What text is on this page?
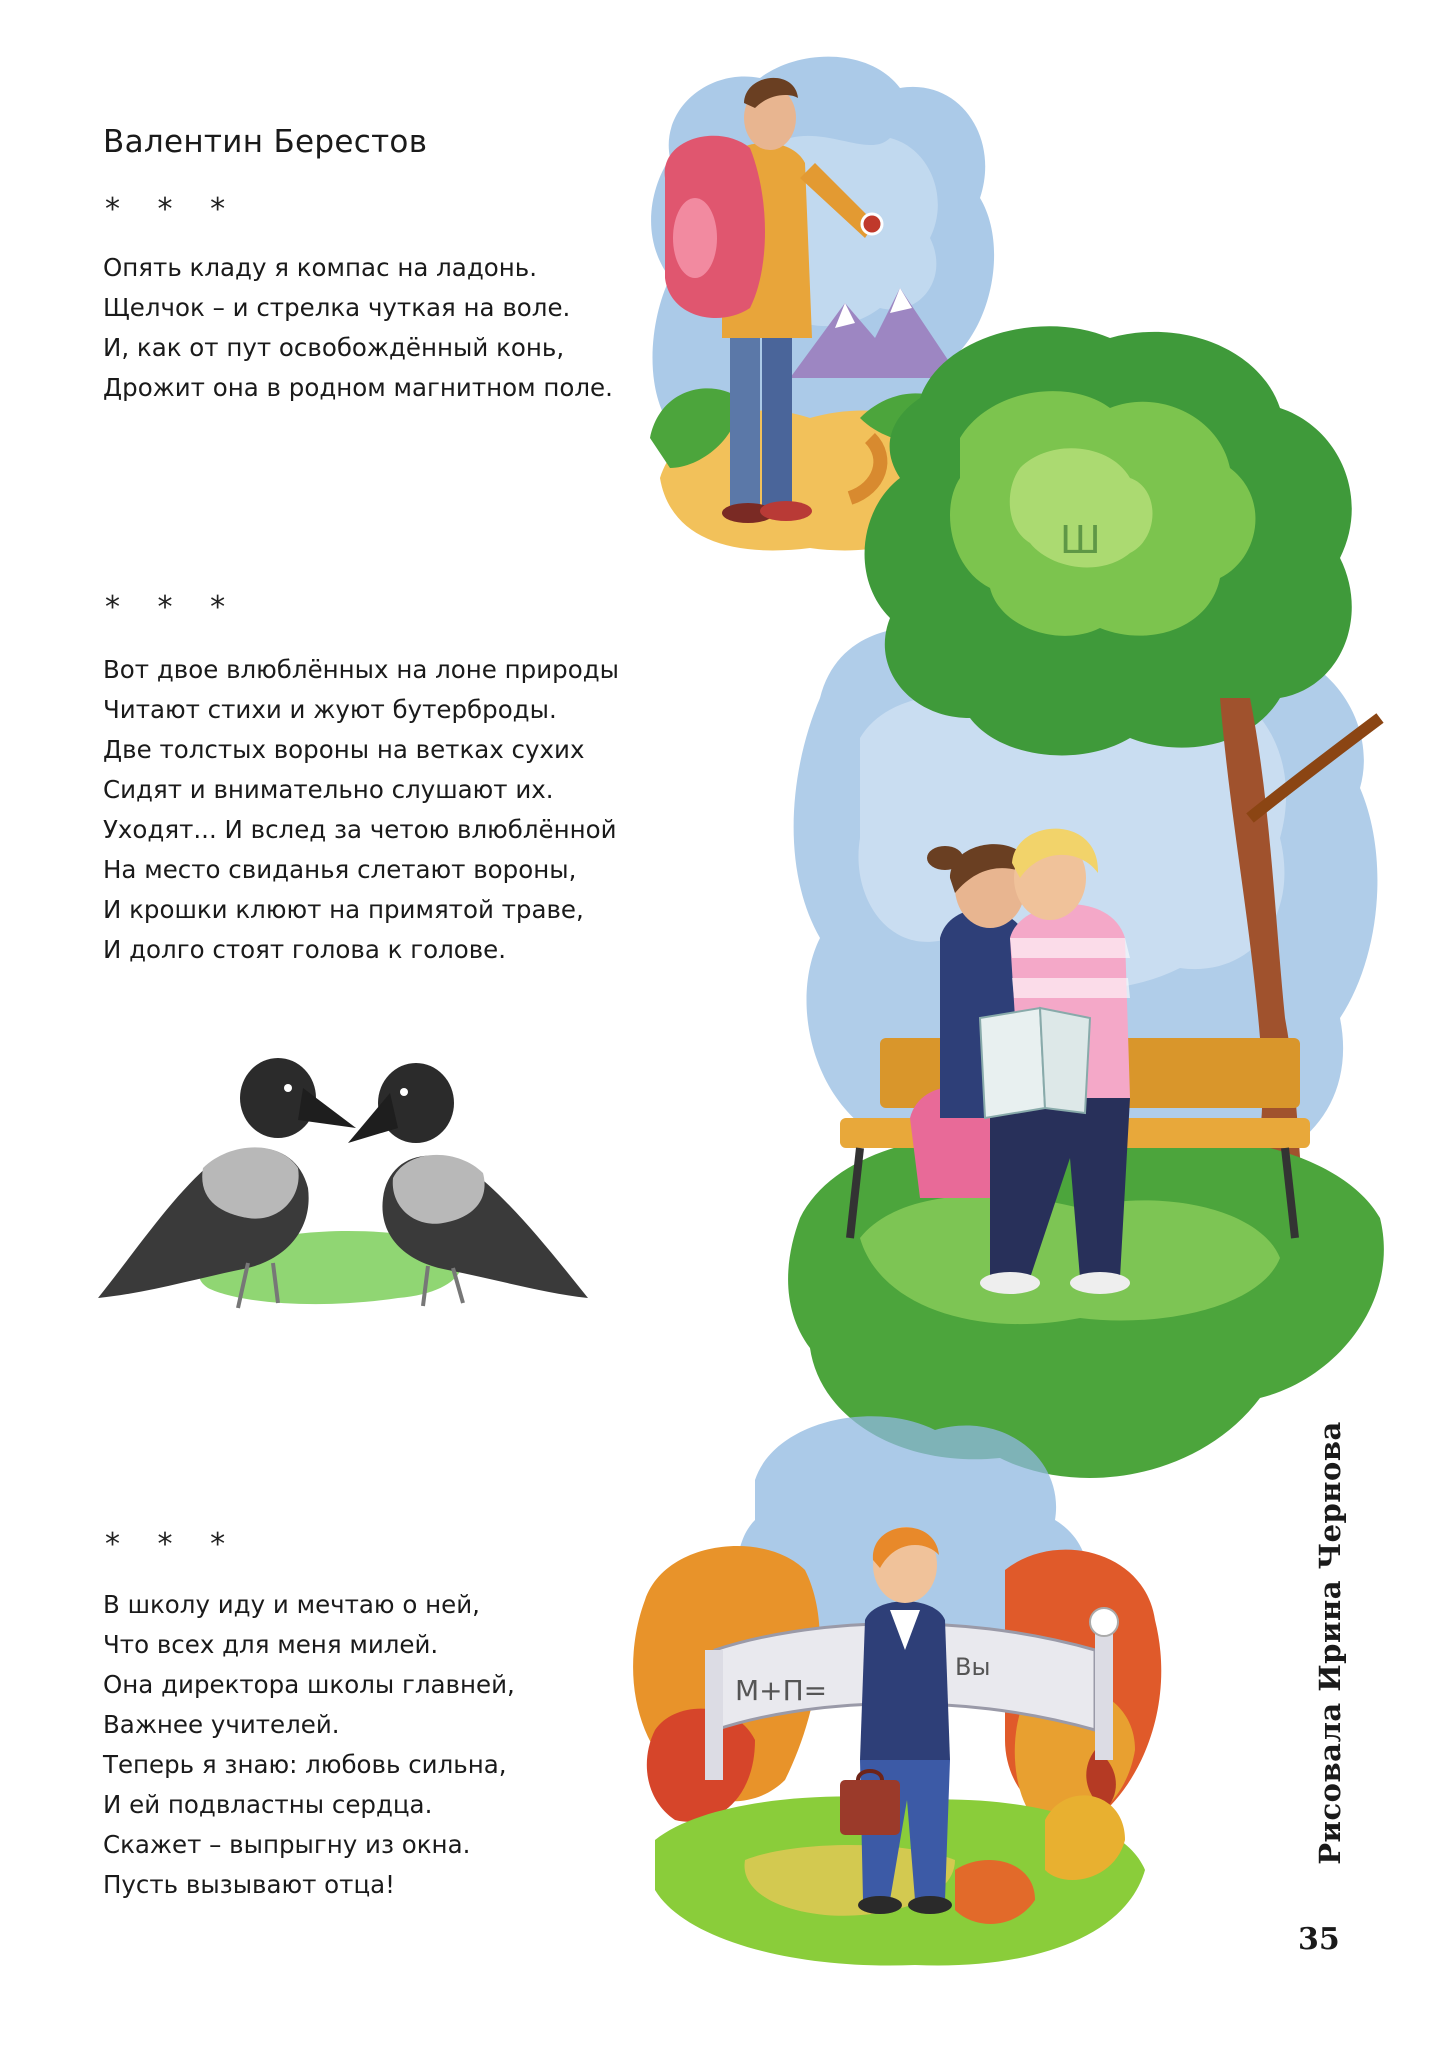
Валентин Берестов
* * *
Опять кладу я компас на ладонь.
Щелчок – и стрелка чуткая на воле.
И, как от пут освобождённый конь,
Дрожит она в родном магнитном поле.
* * *
Вот двое влюблённых на лоне природы
Читают стихи и жуют бутерброды.
Две толстых вороны на ветках сухих
Сидят и внимательно слушают их.
Уходят... И вслед за четою влюблённой
На место свиданья слетают вороны,
И крошки клюют на примятой траве,
И долго стоят голова к голове.
* * *
В школу иду и мечтаю о ней,
Что всех для меня милей.
Она директора школы главней,
Важнее учителей.
Теперь я знаю: любовь сильна,
И ей подвластны сердца.
Скажет – выпрыгну из окна.
Пусть вызывают отца!
Ш
М+П=
Вы	Рисовала Ирина Чернова
35
